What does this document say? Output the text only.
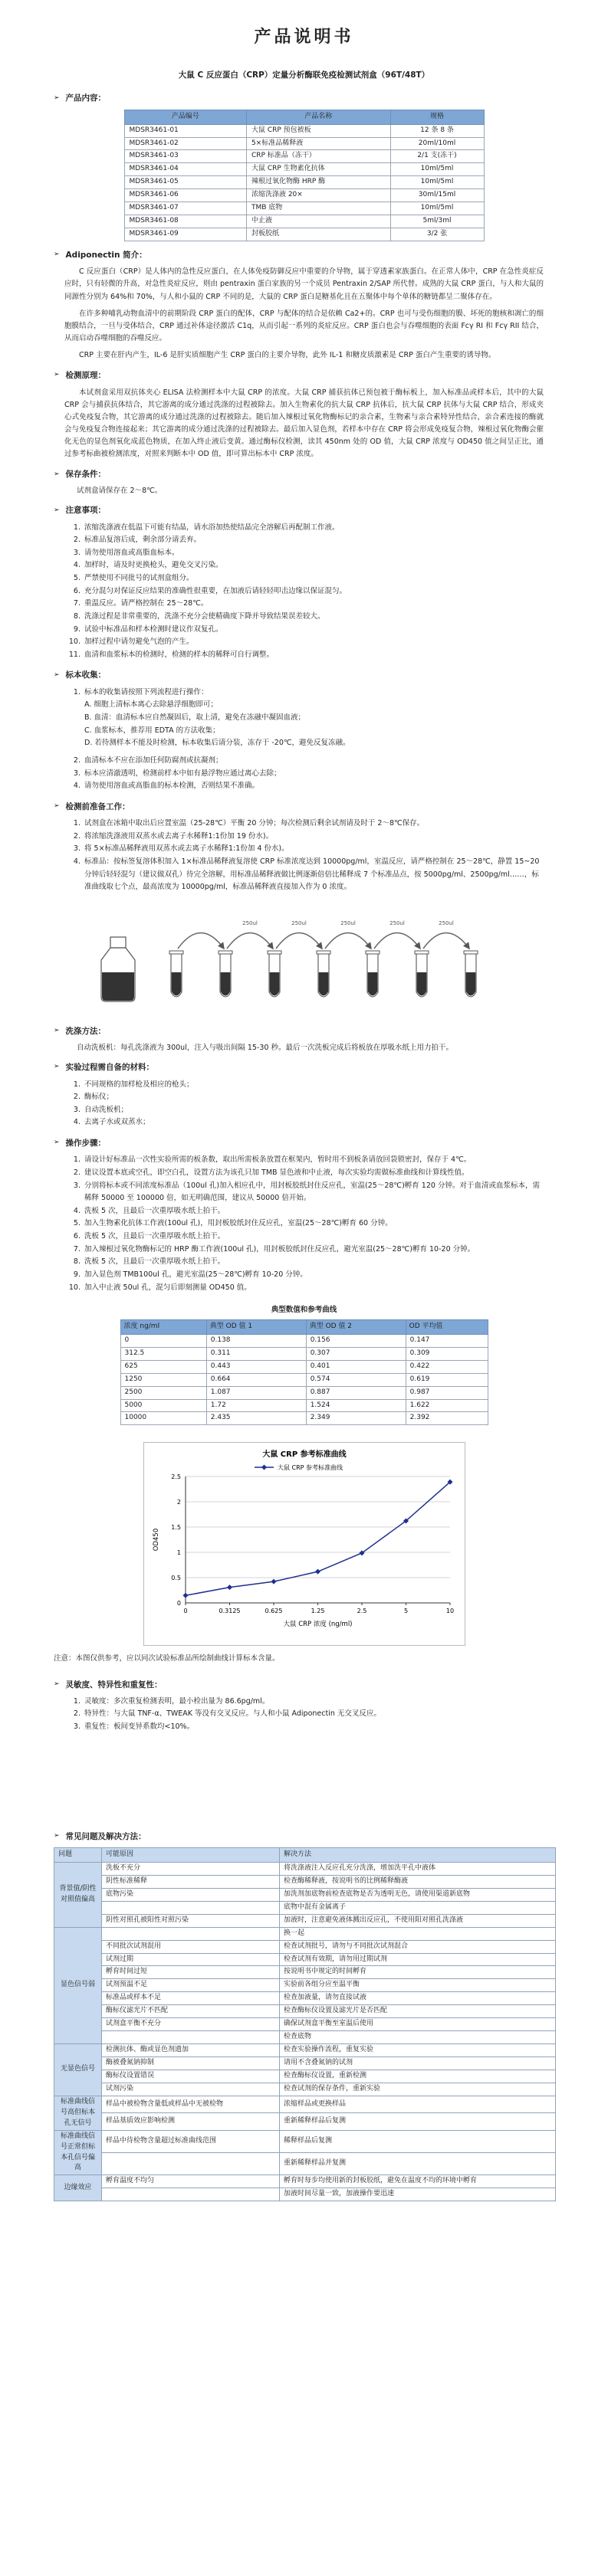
产品说明书
大鼠 C 反应蛋白（CRP）定量分析酶联免疫检测试剂盒（96T/48T）
➢ 产品内容：
产品编号	产品名称	规格
MDSR3461-01	大鼠 CRP 预包被板	12 条 8 条
MDSR3461-02	5×标准品稀释液	20ml/10ml
MDSR3461-03	CRP 标准品（冻干）	2/1 支(冻干)
MDSR3461-04	大鼠 CRP 生物素化抗体	10ml/5ml
MDSR3461-05	辣根过氧化物酶 HRP 酶	10ml/5ml
MDSR3461-06	浓缩洗涤液 20×	30ml/15ml
MDSR3461-07	TMB 底物	10ml/5ml
MDSR3461-08	中止液	5ml/3ml
MDSR3461-09	封板胶纸	3/2 张
➢ Adiponectin 简介：

C 反应蛋白（CRP）是人体内的急性反应蛋白，在人体免疫防御反应中重要的介导物，属于穿透素家族蛋白。在正常人体中，CRP 在急性炎症反应时，只有轻微的升高，对急性炎症反应，则由 pentraxin 蛋白家族的另一个成员 Pentraxin 2/SAP 所代替。成熟的大鼠 CRP 蛋白，与人和大鼠的同源性分别为 64%和 70%，与人和小鼠的 CRP 不同的是，大鼠的 CRP 蛋白是糖基化且在五聚体中每个单体的糖链都呈二聚体存在。

在许多种哺乳动物血清中的前期阶段 CRP 蛋白的配体，CRP 与配体的结合是依赖 Ca2+的。CRP 也可与受伤细胞的膜、坏死的胞核和凋亡的细胞膜结合，一旦与受体结合，CRP 通过补体途径激活 C1q，从而引起一系列的炎症反应。CRP 蛋白也会与吞噬细胞的表面 Fcγ RI 和 Fcγ RII 结合，从而启动吞噬细胞的吞噬反应。

CRP 主要在肝内产生，IL-6 是肝实质细胞产生 CRP 蛋白的主要介导物，此外 IL-1 和糖皮质激素是 CRP 蛋白产生重要的诱导物。

➢ 检测原理：

本试剂盒采用双抗体夹心 ELISA 法检测样本中大鼠 CRP 的浓度。大鼠 CRP 捕获抗体已预包被于酶标板上，加入标准品或样本后，其中的大鼠 CRP 会与捕获抗体结合，其它游离的成分通过洗涤的过程被除去。加入生物素化的抗大鼠 CRP 抗体后，抗大鼠 CRP 抗体与大鼠 CRP 结合，形成夹心式免疫复合物，其它游离的成分通过洗涤的过程被除去。随后加入辣根过氧化物酶标记的亲合素，生物素与亲合素特异性结合，亲合素连接的酶就会与免疫复合物连接起来；其它游离的成分通过洗涤的过程被除去。最后加入显色剂，若样本中存在 CRP 将会形成免疫复合物，辣根过氧化物酶会催化无色的显色剂氧化成蓝色物质，在加入终止液后变黄。通过酶标仪检测，读其 450nm 处的 OD 值，大鼠 CRP 浓度与 OD450 值之间呈正比，通过参考标曲被检测浓度，对照来判断本中 OD 值，即可算出标本中 CRP 浓度。

➢ 保存条件：
试剂盒请保存在 2～8℃。
➢ 注意事项：
1. 浓缩洗涤液在低温下可能有结晶，请水浴加热使结晶完全溶解后再配制工作液。
2. 标准品复溶后成，剩余部分请丢弃。
3. 请勿使用溶血或高脂血标本。
4. 加样时，请及时更换枪头，避免交叉污染。
5. 严禁使用不同批号的试剂盒组分。
6. 充分混匀对保证反应结果的准确性很重要，在加液后请轻轻叩击边缘以保证混匀。
7. 重温反应。请严格控制在 25～28℃。
8. 洗涤过程是非常重要的，洗涤不充分会使精确度下降并导致结果误差较大。
9. 试验中标准品和样本检测时建议作双复孔。
10. 加样过程中请勿避免气泡的产生。
11. 血清和血浆标本的检测时，检测的样本的稀释可自行调整。
➢ 标本收集：
1. 标本的收集请按照下列流程进行操作：
A. 细胞上清标本离心去除悬浮细胞即可；
B. 血清：血清标本应自然凝固后，取上清，避免在冻融中凝固血液；
C. 血浆标本，推荐用 EDTA 的方法收集；
D. 若待测样本不能及时检测，标本收集后请分装，冻存于 -20℃，避免反复冻融。
2. 血清标本不应在添加任何防腐剂或抗凝剂；
3. 标本应清澈透明，检测前样本中如有悬浮物应通过离心去除；
4. 请勿使用溶血或高脂血的标本检测，否则结果不准确。
➢ 检测前准备工作：
1. 试剂盒在冰箱中取出后应置室温（25-28℃）平衡 20 分钟；每次检测后剩余试剂请及时于 2～8℃保存。
2. 将浓缩洗涤液用双蒸水或去离子水稀释1:1份加 19 份水)。
3. 将 5×标准品稀释液用双蒸水或去离子水稀释1:1份加 4 份水)。
4. 标准品：按标签复溶体积加入 1×标准品稀释液复溶使 CRP 标准浓度达到 10000pg/ml，室温反应，请严格控制在 25～28℃，静置 15~20 分钟后轻轻混匀（建议做双孔）待完全溶解，用标准品稀释液做比例逐渐倍倍比稀释成 7 个标准品点，按 5000pg/ml、2500pg/ml……，标准曲线取七个点，最高浓度为 10000pg/ml，标准品稀释液直接加入作为 0 浓度。
250ul	250ul	250ul	250ul	250ul
➢ 洗涤方法：
自动洗板机：每孔洗涤液为 300ul，注入与吸出间隔 15-30 秒。最后一次洗板完成后将板放在厚吸水纸上用力拍干。
➢ 实验过程需自备的材料：
1. 不同规格的加样枪及相应的枪头；
2. 酶标仪；
3. 自动洗板机；
4. 去离子水或双蒸水；
➢ 操作步骤：
1. 请设计好标准品一次性实验所需的板条数，取出所需板条放置在框架内，暂时用不到板条请放回袋锁密封，保存于 4℃。
2. 建议设置本底或空孔，即空白孔，设置方法为该孔只加 TMB 显色液和中止液，每次实验均需做标准曲线和计算线性值。
3. 分别将标本或不同浓度标准品（100ul 孔)加入相应孔中，用封板胶纸封住反应孔，室温(25～28℃)孵育 120 分钟。对于血清或血浆标本，需稀释 50000 至 100000 倍，如无明确范围，建议从 50000 倍开始。
4. 洗板 5 次，且最后一次重厚吸水纸上拍干。
5. 加入生物素化抗体工作液(100ul 孔)，用封板胶纸封住反应孔，室温(25～28℃)孵育 60 分钟。
6. 洗板 5 次，且最后一次重厚吸水纸上拍干。
7. 加入辣根过氧化物酶标记的 HRP 酶工作液(100ul 孔)，用封板胶纸封住反应孔，避光室温(25～28℃)孵育 10-20 分钟。
8. 洗板 5 次，且最后一次重厚吸水纸上拍干。
9. 加入显色剂 TMB100ul 孔，避光室温(25～28℃)孵育 10-20 分钟。
10. 加入中止液 50ul 孔，混匀后即刻测量 OD450 值。
典型数值和参考曲线
浓度 ng/ml	典型 OD 值 1	典型 OD 值 2	OD 平均值
0	0.138	0.156	0.147
312.5	0.311	0.307	0.309
625	0.443	0.401	0.422
1250	0.664	0.574	0.619
2500	1.087	0.887	0.987
5000	1.72	1.524	1.622
10000	2.435	2.349	2.392
大鼠 CRP 参考标准曲线
大鼠 CRP 参考标准曲线
0
0.5
1
1.5
2
2.5
0	0.3125	0.625	1.25	2.5	5	10
大鼠 CRP 浓度 (ng/ml)
OD450
注意：本图仅供参考，应以同次试验标准品所绘制曲线计算标本含量。
➢ 灵敏度、特异性和重复性：
1. 灵敏度：多次重复检测表明，最小检出量为 86.6pg/ml。
2. 特异性：与大鼠 TNF-α、TWEAK 等没有交叉反应。与人和小鼠 Adiponectin 无交叉反应。
3. 重复性：板间变异系数均<10%。
➢ 常见问题及解决方法：
问题	可能原因	解决方法
背景值/阴性对照值偏高	洗板不充分	将洗涤液注入反应孔充分洗涤，增加洗平孔中液体
	阴性标准稀释	检查酶稀释液，按说明书的比例稀释酶液
	底物污染	加洗剂加底物前检查底物是否为透明无色，请使用渠道新底物
		底物中混有金属离子
	阴性对照孔被阳性对照污染	加液时，注意避免液体溅出反应孔，不使用阳对照孔洗涤液
显色信号弱		换一起
	不同批次试剂混用	检查试剂批号，请勿与不同批次试剂混合
	试剂过期	检查试剂有效期，请勿用过期试剂
	孵育时间过短	按说明书中规定的时间孵育
	试剂预温不足	实验前各组分应至温平衡
	标准品或样本不足	检查加液量，请勿直接试液
	酶标仪滤光片不匹配	检查酶标仪设置及滤光片是否匹配
	试剂盒平衡不充分	确保试剂盒平衡至室温后使用
		检查底物
无显色信号	检测抗体、酶或显色剂遗加	检查实验操作流程，重复实验
	酶被叠氮钠抑制	请用不含叠氮钠的试剂
	酶标仪设置错误	检查酶标仪设置，重新检测
	试剂污染	检查试剂的保存条件，重新实验
标准曲线信号高但标本孔无信号	样品中被检物含量低或样品中无被检物	浓缩样品或更换样品
	样品基质效应影响检测	重新稀释样品后复测
标准曲线信号正常但标本孔信号偏高	样品中待检物含量超过标准曲线范围	稀释样品后复测
		重新稀释样品并复测
边缘效应	孵育温度不均匀	孵育时每步均使用新的封板胶纸，避免在温度不均的环境中孵育
		加液时间尽量一致，加液操作要迅速
